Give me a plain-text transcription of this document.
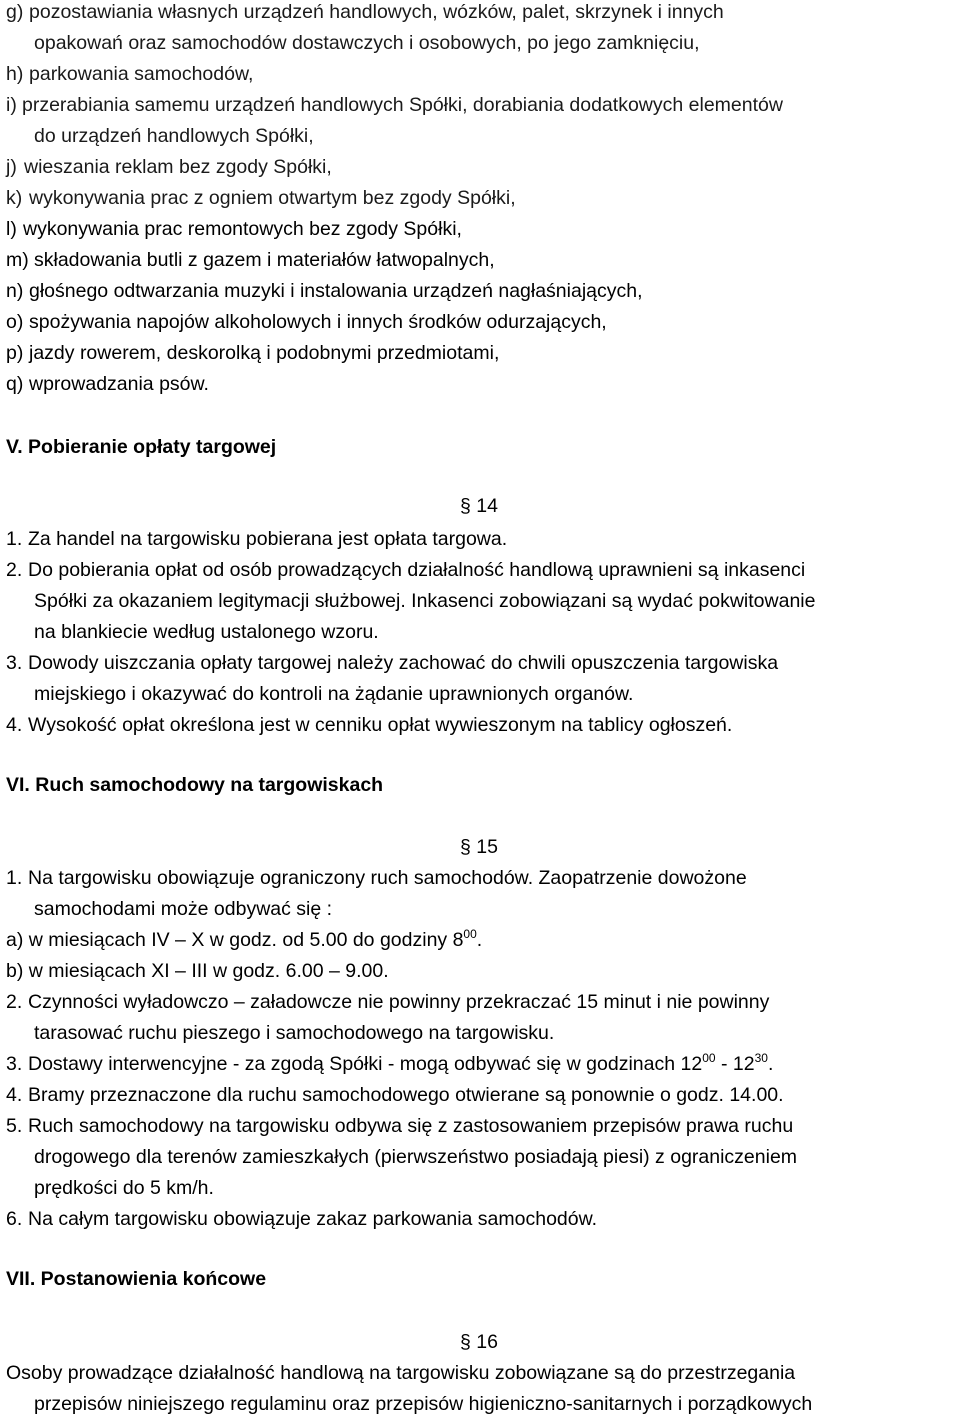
g) pozostawiania własnych urządzeń handlowych, wózków, palet, skrzynek i innych
opakowań oraz samochodów dostawczych i osobowych, po jego zamknięciu,
h) parkowania samochodów,
i) przerabiania samemu urządzeń handlowych Spółki, dorabiania dodatkowych elementów
do urządzeń handlowych Spółki,
j) wieszania reklam bez zgody Spółki,
k) wykonywania prac z ogniem otwartym bez zgody Spółki,
l) wykonywania prac remontowych bez zgody Spółki,
m) składowania butli z gazem i materiałów łatwopalnych,
n) głośnego odtwarzania muzyki i instalowania urządzeń nagłaśniających,
o) spożywania napojów alkoholowych i innych środków odurzających,
p) jazdy rowerem, deskorolką i podobnymi przedmiotami,
q) wprowadzania psów.
V. Pobieranie opłaty targowej
§ 14
1. Za handel na targowisku pobierana jest opłata targowa.
2. Do pobierania opłat od osób prowadzących działalność handlową uprawnieni są inkasenci
Spółki za okazaniem legitymacji służbowej. Inkasenci zobowiązani są wydać pokwitowanie
na blankiecie według ustalonego wzoru.
3. Dowody uiszczania opłaty targowej należy zachować do chwili opuszczenia targowiska
miejskiego i okazywać do kontroli na żądanie uprawnionych organów.
4. Wysokość opłat określona jest w cenniku opłat wywieszonym na tablicy ogłoszeń.
VI. Ruch samochodowy na targowiskach
§ 15
1. Na targowisku obowiązuje ograniczony ruch samochodów. Zaopatrzenie dowożone
samochodami może odbywać się :
a) w miesiącach IV – X w godz. od 5.00 do godziny $8^{00}$.
b) w miesiącach XI – III w godz. 6.00 – 9.00.
2. Czynności wyładowczo – załadowcze nie powinny przekraczać 15 minut i nie powinny
tarasować ruchu pieszego i samochodowego na targowisku.
3. Dostawy interwencyjne - za zgodą Spółki - mogą odbywać się w godzinach $12^{00} - 12^{30}$.
4. Bramy przeznaczone dla ruchu samochodowego otwierane są ponownie o godz. 14.00.
5. Ruch samochodowy na targowisku odbywa się z zastosowaniem przepisów prawa ruchu
drogowego dla terenów zamieszkałych (pierwszeństwo posiadają piesi) z ograniczeniem
prędkości do 5 km/h.
6. Na całym targowisku obowiązuje zakaz parkowania samochodów.
VII. Postanowienia końcowe
§ 16
Osoby prowadzące działalność handlową na targowisku zobowiązane są do przestrzegania
przepisów niniejszego regulaminu oraz przepisów higieniczno-sanitarnych i porządkowych
